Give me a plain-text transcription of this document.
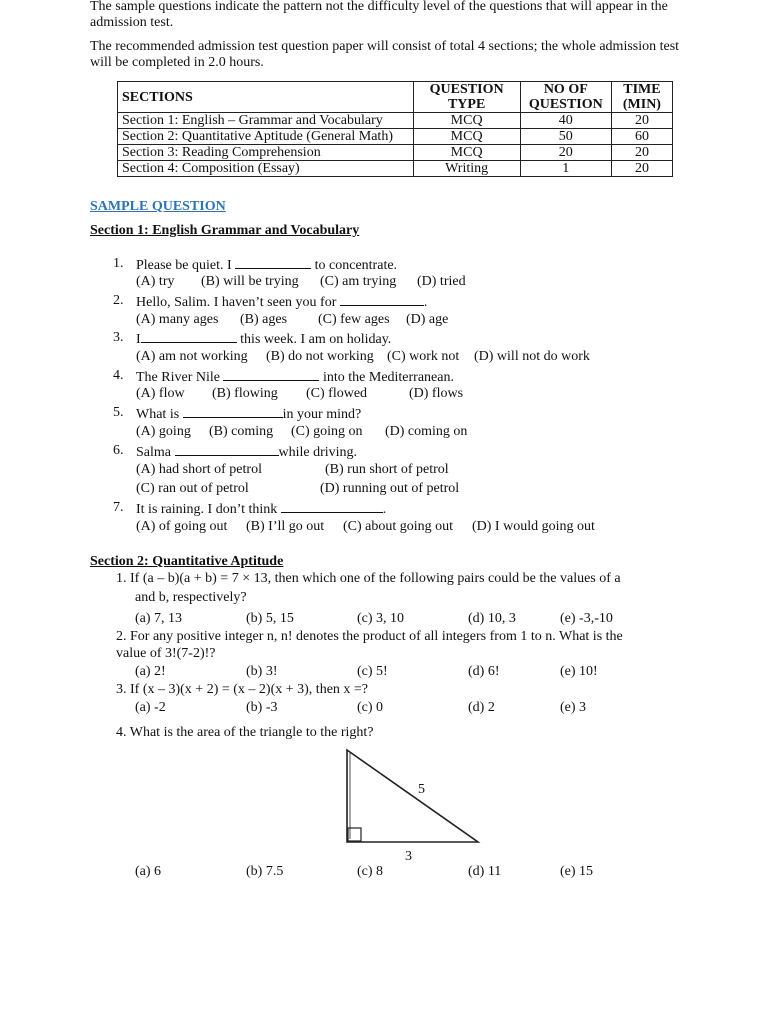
The sample questions indicate the pattern not the difficulty level of the questions that will appear in the admission test.
The recommended admission test question paper will consist of total 4 sections; the whole admission test will be completed in 2.0 hours.
SECTIONS	QUESTION TYPE	NO OF QUESTION	TIME (MIN)
Section 1: English – Grammar and Vocabulary	MCQ	40	20
Section 2: Quantitative Aptitude (General Math)	MCQ	50	60
Section 3: Reading Comprehension	MCQ	20	20
Section 4: Composition (Essay)	Writing	1	20
SAMPLE QUESTION
Section 1: English Grammar and Vocabulary
1. Please be quiet. I	to concentrate.
(A) try (B) will be trying (C) am trying (D) tried
2. Hello, Salim. I haven’t seen you for	.
(A) many ages (B) ages (C) few ages (D) age
3. I	this week. I am on holiday.
(A) am not working (B) do not working (C) work not (D) will not do work
4. The River Nile	into the Mediterranean.
(A) flow (B) flowing (C) flowed	(D) flows
5. What is	in your mind?
(A) going (B) coming (C) going on (D) coming on
6. Salma	while driving.
(A) had short of petrol	(B) run short of petrol
(C) ran out of petrol	(D) running out of petrol
7. It is raining. I don’t think	.
(A) of going out (B) I’ll go out (C) about going out (D) I would going out
Section 2: Quantitative Aptitude
1. If (a – b)(a + b) = 7 × 13, then which one of the following pairs could be the values of a
and b, respectively?
(a) 7, 13	(b) 5, 15	(c) 3, 10	(d) 10, 3	(e) -3,-10
2. For any positive integer n, n! denotes the product of all integers from 1 to n. What is the
value of 3!(7-2)!?
(a) 2!	(b) 3!	(c) 5!	(d) 6!	(e) 10!
3. If (x – 3)(x + 2) = (x – 2)(x + 3), then x =?
(a) -2	(b) -3	(c) 0	(d) 2	(e) 3
4. What is the area of the triangle to the right?
5
3
(a) 6	(b) 7.5	(c) 8	(d) 11	(e) 15
